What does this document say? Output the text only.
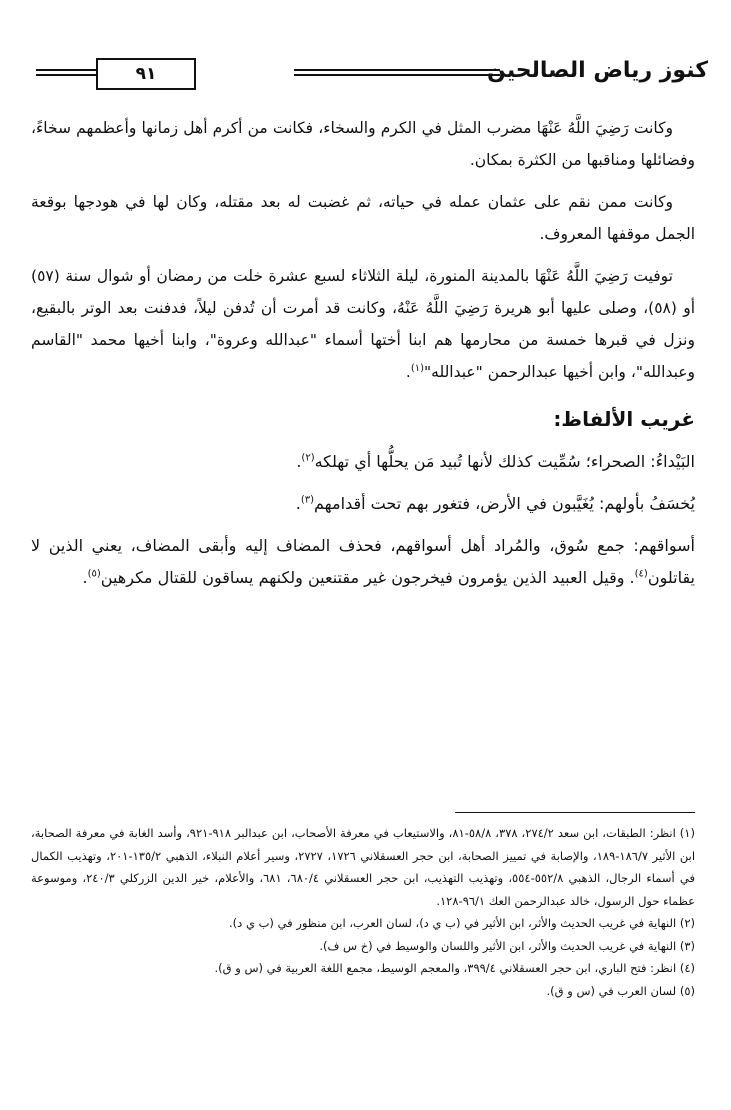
كنوز رياض الصالحين
٩١

وكانت رَضِيَ اللَّهُ عَنْهَا مضرب المثل في الكرم والسخاء، فكانت من أكرم أهل زمانها وأعظمهم سخاءً، وفضائلها ومناقبها من الكثرة بمكان.

وكانت ممن نقم على عثمان عمله في حياته، ثم غضبت له بعد مقتله، وكان لها في هودجها بوقعة الجمل موقفها المعروف.

توفيت رَضِيَ اللَّهُ عَنْهَا بالمدينة المنورة، ليلة الثلاثاء لسبع عشرة خلت من رمضان أو شوال سنة (٥٧) أو (٥٨)، وصلى عليها أبو هريرة رَضِيَ اللَّهُ عَنْهُ، وكانت قد أمرت أن تُدفن ليلاً، فدفنت بعد الوتر بالبقيع، ونزل في قبرها خمسة من محارمها هم ابنا أختها أسماء "عبدالله وعروة"، وابنا أخيها محمد "القاسم وعبدالله"، وابن أخيها عبدالرحمن "عبدالله"$^{(١)}$.

غريب الألفاظ:

البَيْداءُ: الصحراء؛ سُمِّيت كذلك لأنها تُبيد مَن يحلُّها أي تهلكه$^{(٢)}$.

يُخسَفُ بأولهم: يُغَيَّبون في الأرض، فتغور بهم تحت أقدامهم$^{(٣)}$.

أسواقهم: جمع سُوق، والمُراد أهل أسواقهم، فحذف المضاف إليه وأبقى المضاف، يعني الذين لا يقاتلون$^{(٤)}$. وقيل العبيد الذين يؤمرون فيخرجون غير مقتنعين ولكنهم يساقون للقتال مكرهين$^{(٥)}$.

(١) انظر: الطبقات، ابن سعد ٢٧٤/٢، ٣٧٨، ٥٨/٨-٨١، والاستيعاب في معرفة الأصحاب، ابن عبدالبر ٩١٨-٩٢١، وأسد الغابة في معرفة الصحابة، ابن الأثير ١٨٦/٧-١٨٩، والإصابة في تمييز الصحابة، ابن حجر العسقلاني ١٧٢٦، ٢٧٢٧، وسير أعلام النبلاء، الذهبي ١٣٥/٢-٢٠١، وتهذيب الكمال في أسماء الرجال، الذهبي ٥٥٢/٨-٥٥٤، وتهذيب التهذيب، ابن حجر العسقلاني ٦٨٠/٤، ٦٨١، والأعلام، خير الدين الزركلي ٢٤٠/٣، وموسوعة عظماء حول الرسول، خالد عبدالرحمن العك ٩٦/١-١٢٨.

(٢) النهاية في غريب الحديث والأثر، ابن الأثير في (ب ي د)، لسان العرب، ابن منظور في (ب ي د).

(٣) النهاية في غريب الحديث والأثر، ابن الأثير واللسان والوسيط في (خ س ف).

(٤) انظر: فتح الباري، ابن حجر العسقلاني ٣٩٩/٤، والمعجم الوسيط، مجمع اللغة العربية في (س و ق).

(٥) لسان العرب في (س و ق).
